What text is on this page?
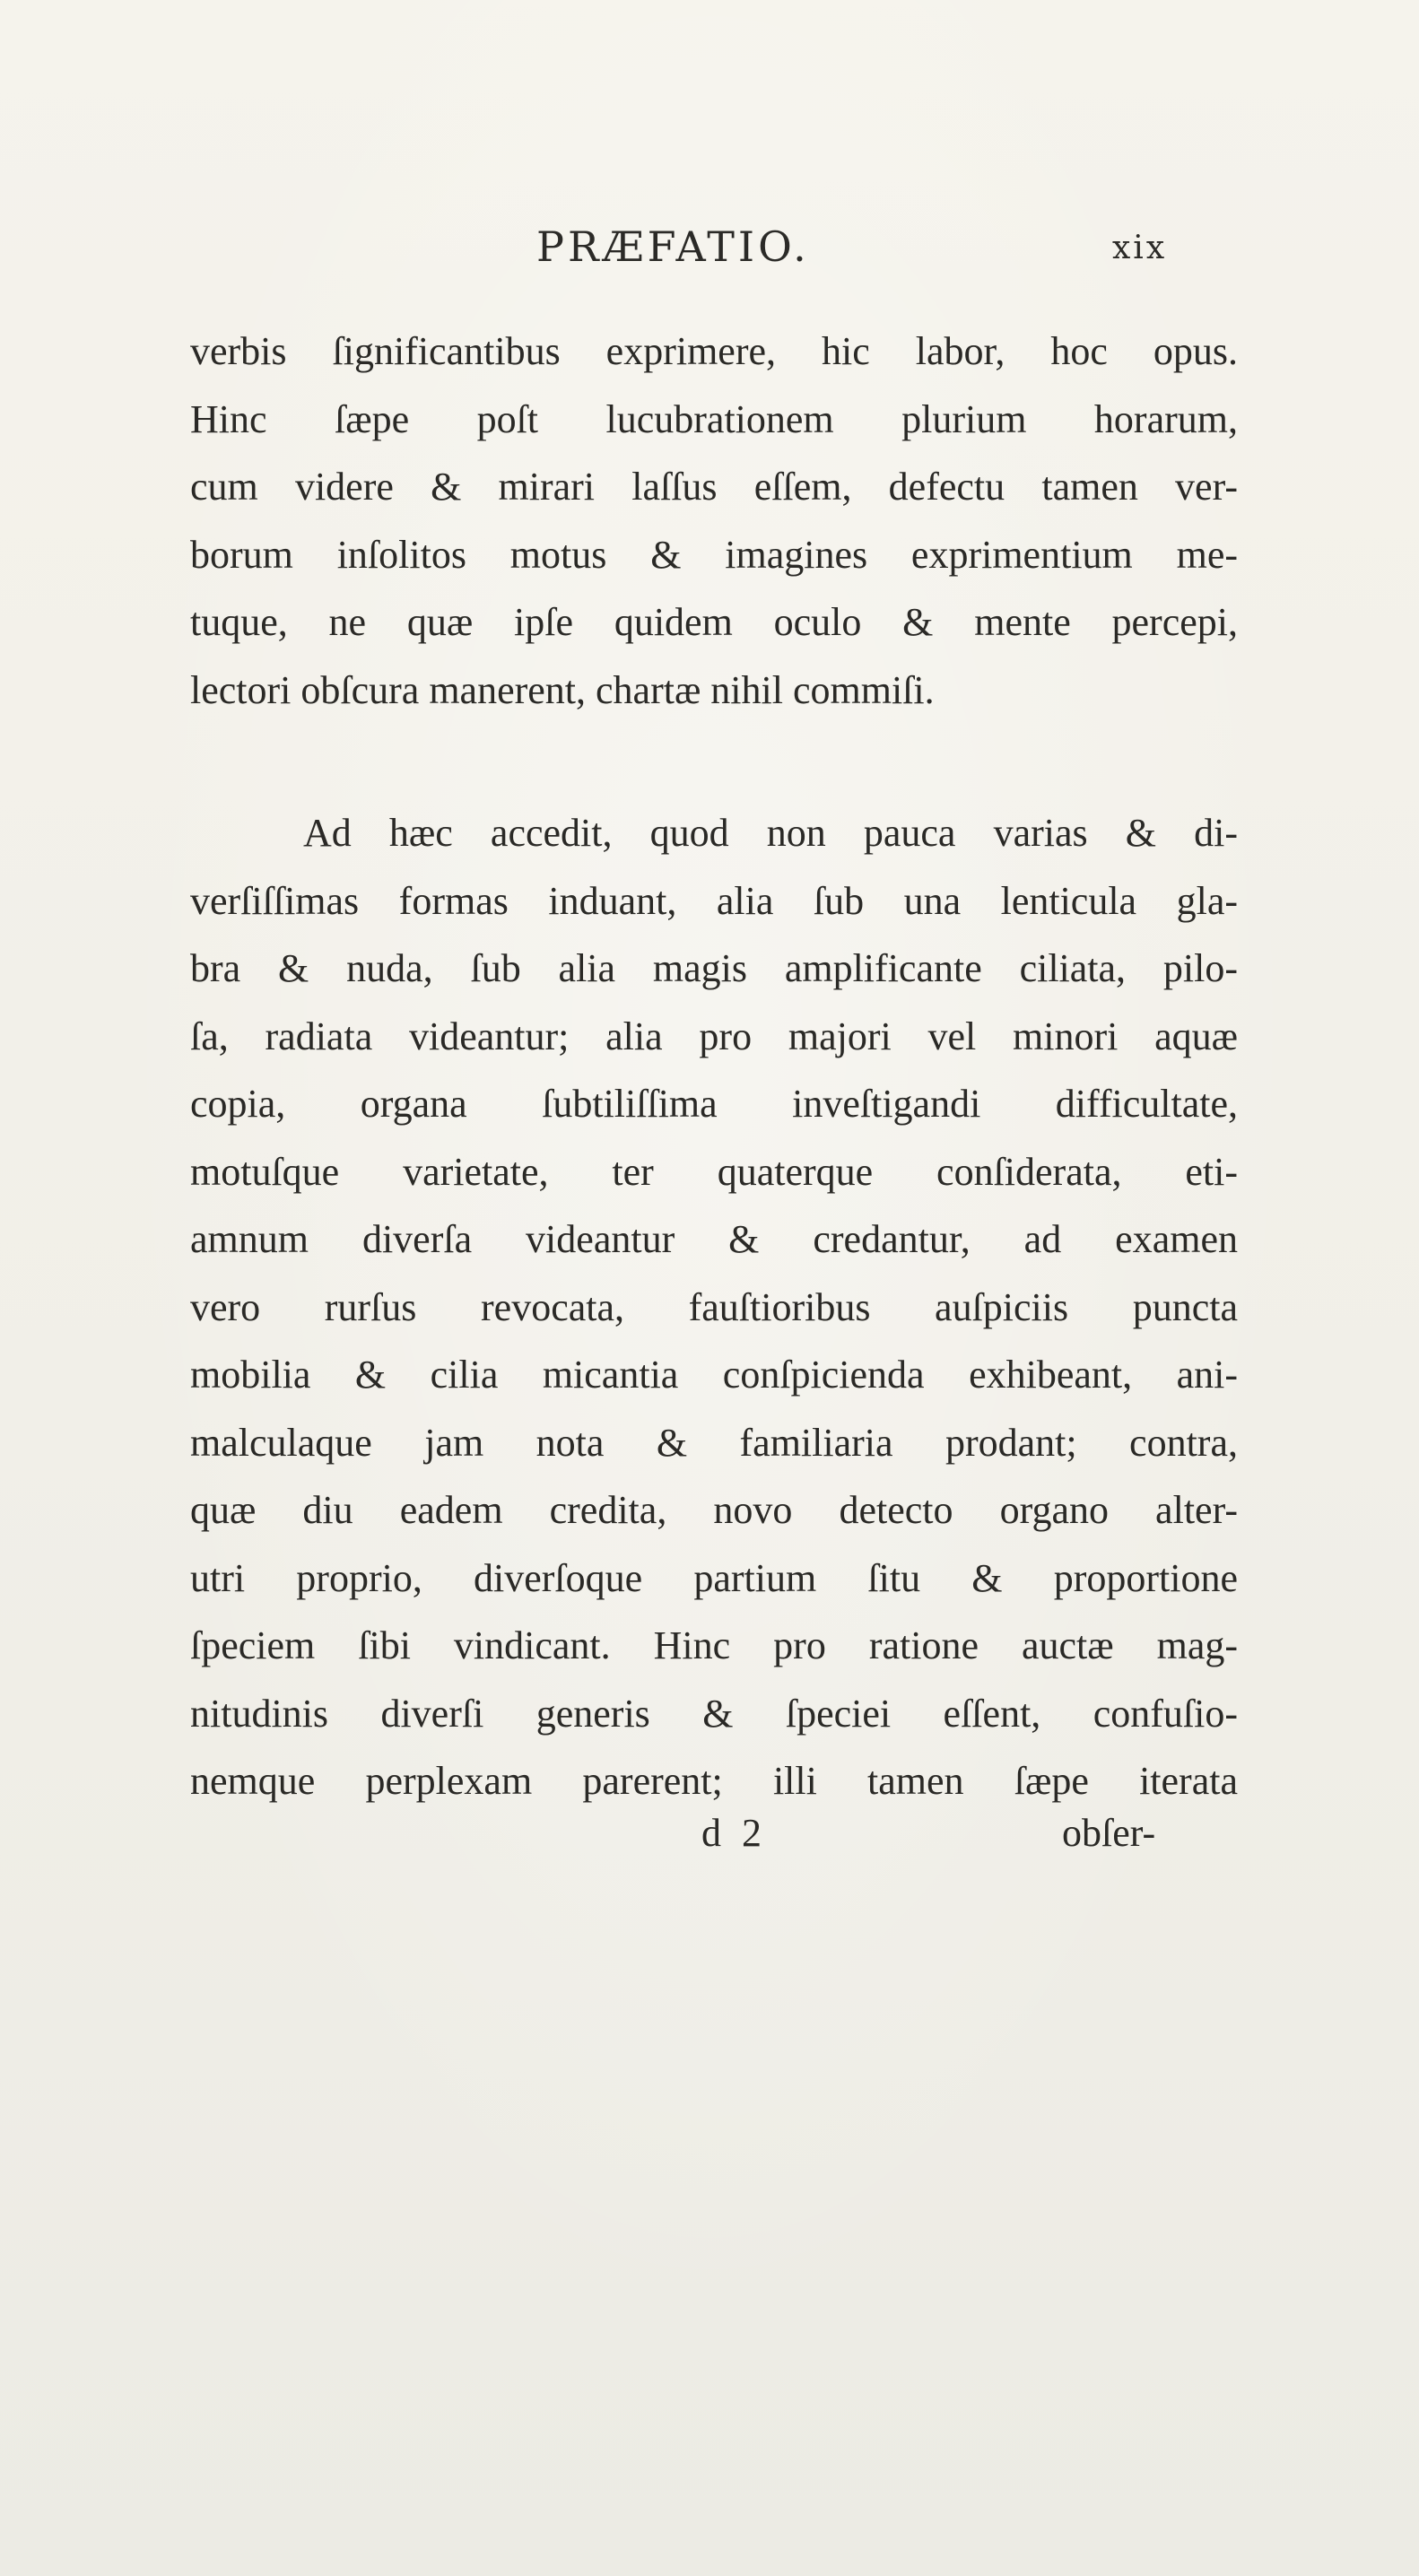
PRÆFATIO.	xix
verbis ſignificantibus exprimere, hic labor, hoc opus.
Hinc ſæpe poſt lucubrationem plurium horarum,
cum videre & mirari laſſus eſſem, defectu tamen ver-
borum inſolitos motus & imagines exprimentium me-
tuque, ne quæ ipſe quidem oculo & mente percepi,
lectori obſcura manerent, chartæ nihil commiſi.
Ad hæc accedit, quod non pauca varias & di-
verſiſſimas formas induant, alia ſub una lenticula gla-
bra & nuda, ſub alia magis amplificante ciliata, pilo-
ſa, radiata videantur; alia pro majori vel minori aquæ
copia, organa ſubtiliſſima inveſtigandi difficultate,
motuſque varietate, ter quaterque conſiderata, eti-
amnum diverſa videantur & credantur, ad examen
vero rurſus revocata, fauſtioribus auſpiciis puncta
mobilia & cilia micantia conſpicienda exhibeant, ani-
malculaque jam nota & familiaria prodant; contra,
quæ diu eadem credita, novo detecto organo alter-
utri proprio, diverſoque partium ſitu & proportione
ſpeciem ſibi vindicant. Hinc pro ratione auctæ mag-
nitudinis diverſi generis & ſpeciei eſſent, confuſio-
nemque perplexam parerent; illi tamen ſæpe iterata
d 2	obſer-
